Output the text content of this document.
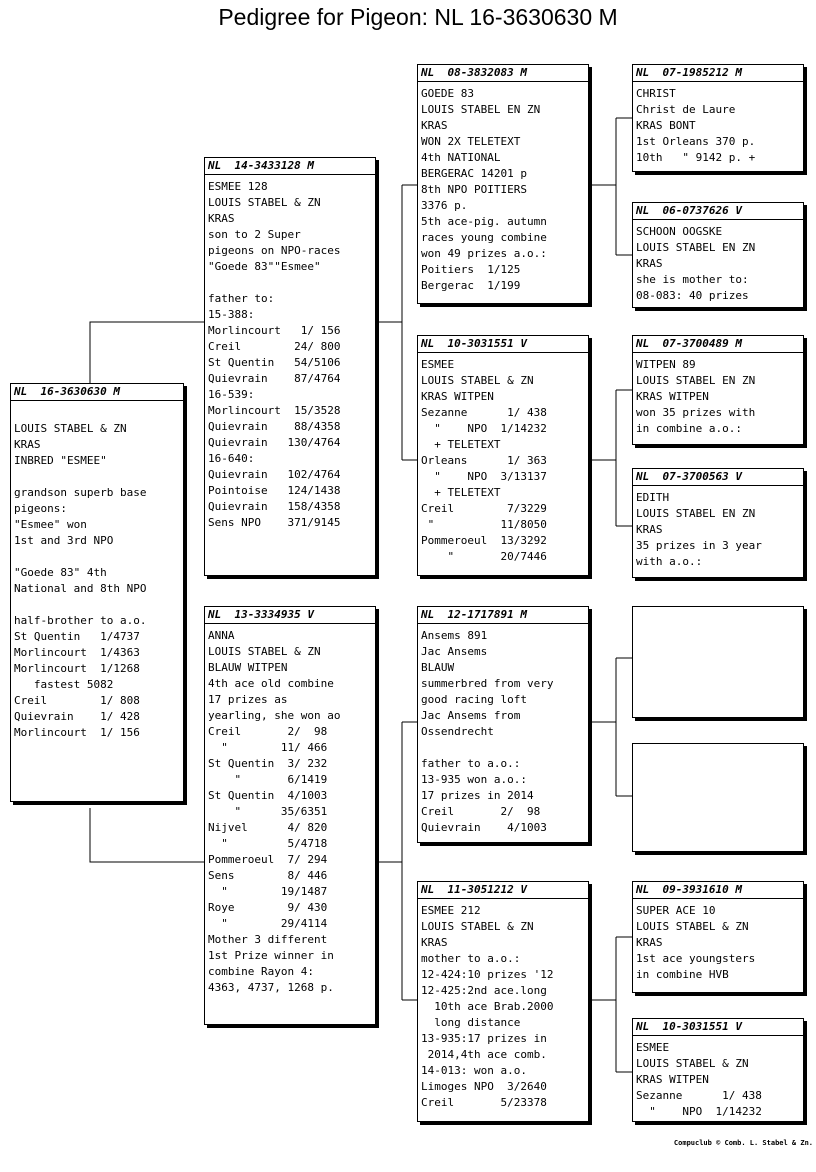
Pedigree for Pigeon: NL 16-3630630 M
NL  16-3630630 M

LOUIS STABEL & ZN
KRAS
INBRED "ESMEE"

grandson superb base
pigeons:
"Esmee" won
1st and 3rd NPO

"Goede 83" 4th
National and 8th NPO

half-brother to a.o.
St Quentin   1/4737
Morlincourt  1/4363
Morlincourt  1/1268
fastest 5082
Creil        1/ 808
Quievrain    1/ 428
Morlincourt  1/ 156
NL  14-3433128 M
ESMEE 128
LOUIS STABEL & ZN
KRAS
son to 2 Super
pigeons on NPO-races
"Goede 83""Esmee"

father to:
15-388:
Morlincourt   1/ 156
Creil        24/ 800
St Quentin   54/5106
Quievrain    87/4764
16-539:
Morlincourt  15/3528
Quievrain    88/4358
Quievrain   130/4764
16-640:
Quievrain   102/4764
Pointoise   124/1438
Quievrain   158/4358
Sens NPO    371/9145
NL  13-3334935 V
ANNA
LOUIS STABEL & ZN
BLAUW WITPEN
4th ace old combine
17 prizes as
yearling, she won ao
Creil       2/  98
"        11/ 466
St Quentin  3/ 232
"       6/1419
St Quentin  4/1003
"      35/6351
Nijvel      4/ 820
"         5/4718
Pommeroeul  7/ 294
Sens        8/ 446
"        19/1487
Roye        9/ 430
"        29/4114
Mother 3 different
1st Prize winner in
combine Rayon 4:
4363, 4737, 1268 p.
NL  08-3832083 M
GOEDE 83
LOUIS STABEL EN ZN
KRAS
WON 2X TELETEXT
4th NATIONAL
BERGERAC 14201 p
8th NPO POITIERS
3376 p.
5th ace-pig. autumn
races young combine
won 49 prizes a.o.:
Poitiers  1/125
Bergerac  1/199
NL  10-3031551 V
ESMEE
LOUIS STABEL & ZN
KRAS WITPEN
Sezanne      1/ 438
"    NPO  1/14232
+ TELETEXT
Orleans      1/ 363
"    NPO  3/13137
+ TELETEXT
Creil        7/3229
"          11/8050
Pommeroeul  13/3292
"       20/7446
NL  12-1717891 M
Ansems 891
Jac Ansems
BLAUW
summerbred from very
good racing loft
Jac Ansems from
Ossendrecht

father to a.o.:
13-935 won a.o.:
17 prizes in 2014
Creil       2/  98
Quievrain    4/1003
NL  11-3051212 V
ESMEE 212
LOUIS STABEL & ZN
KRAS
mother to a.o.:
12-424:10 prizes '12
12-425:2nd ace.long
10th ace Brab.2000
long distance
13-935:17 prizes in
2014,4th ace comb.
14-013: won a.o.
Limoges NPO  3/2640
Creil       5/23378
NL  07-1985212 M
CHRIST
Christ de Laure
KRAS BONT
1st Orleans 370 p.
10th   " 9142 p. +
NL  06-0737626 V
SCHOON OOGSKE
LOUIS STABEL EN ZN
KRAS
she is mother to:
08-083: 40 prizes
NL  07-3700489 M
WITPEN 89
LOUIS STABEL EN ZN
KRAS WITPEN
won 35 prizes with
in combine a.o.:
NL  07-3700563 V
EDITH
LOUIS STABEL EN ZN
KRAS
35 prizes in 3 year
with a.o.:
NL  09-3931610 M
SUPER ACE 10
LOUIS STABEL & ZN
KRAS
1st ace youngsters
in combine HVB
NL  10-3031551 V
ESMEE
LOUIS STABEL & ZN
KRAS WITPEN
Sezanne      1/ 438
"    NPO  1/14232
Compuclub © Comb. L. Stabel & Zn.
